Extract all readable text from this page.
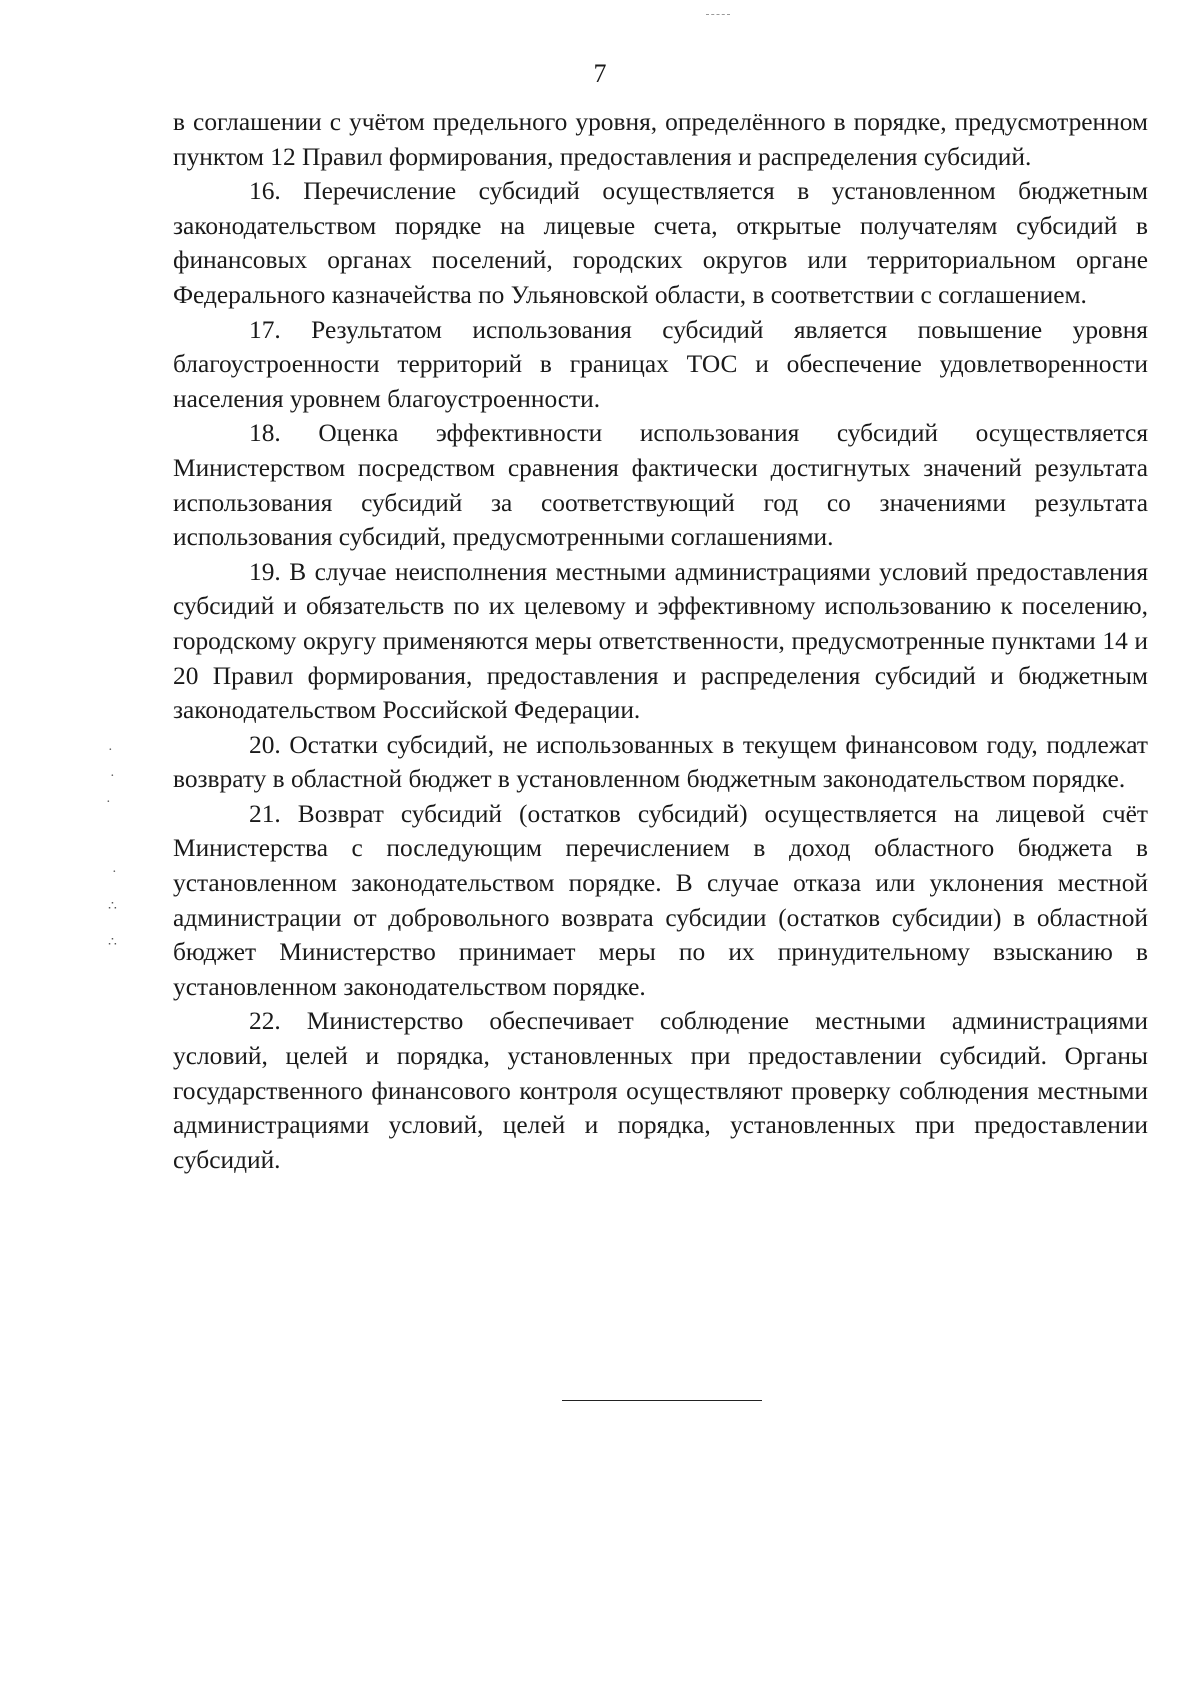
7

в соглашении с учётом предельного уровня, определённого в порядке, предусмотренном пунктом 12 Правил формирования, предоставления и распределения субсидий.

16. Перечисление субсидий осуществляется в установленном бюджетным законодательством порядке на лицевые счета, открытые получателям субсидий в финансовых органах поселений, городских округов или территориальном органе Федерального казначейства по Ульяновской области, в соответствии с соглашением.

17. Результатом использования субсидий является повышение уровня благоустроенности территорий в границах ТОС и обеспечение удовлетворенности населения уровнем благоустроенности.

18. Оценка эффективности использования субсидий осуществляется Министерством посредством сравнения фактически достигнутых значений результата использования субсидий за соответствующий год со значениями результата использования субсидий, предусмотренными соглашениями.

19. В случае неисполнения местными администрациями условий предоставления субсидий и обязательств по их целевому и эффективному использованию к поселению, городскому округу применяются меры ответственности, предусмотренные пунктами 14 и 20 Правил формирования, предоставления и распределения субсидий и бюджетным законодательством Российской Федерации.

20. Остатки субсидий, не использованных в текущем финансовом году, подлежат возврату в областной бюджет в установленном бюджетным законодательством порядке.

21. Возврат субсидий (остатков субсидий) осуществляется на лицевой счёт Министерства с последующим перечислением в доход областного бюджета в установленном законодательством порядке. В случае отказа или уклонения местной администрации от добровольного возврата субсидии (остатков субсидии) в областной бюджет Министерство принимает меры по их принудительному взысканию в установленном законодательством порядке.

22. Министерство обеспечивает соблюдение местными администрациями условий, целей и порядка, установленных при предоставлении субсидий. Органы государственного финансового контроля осуществляют проверку соблюдения местными администрациями условий, целей и порядка, установленных при предоставлении субсидий.

·
·
·
·
∴
∴
